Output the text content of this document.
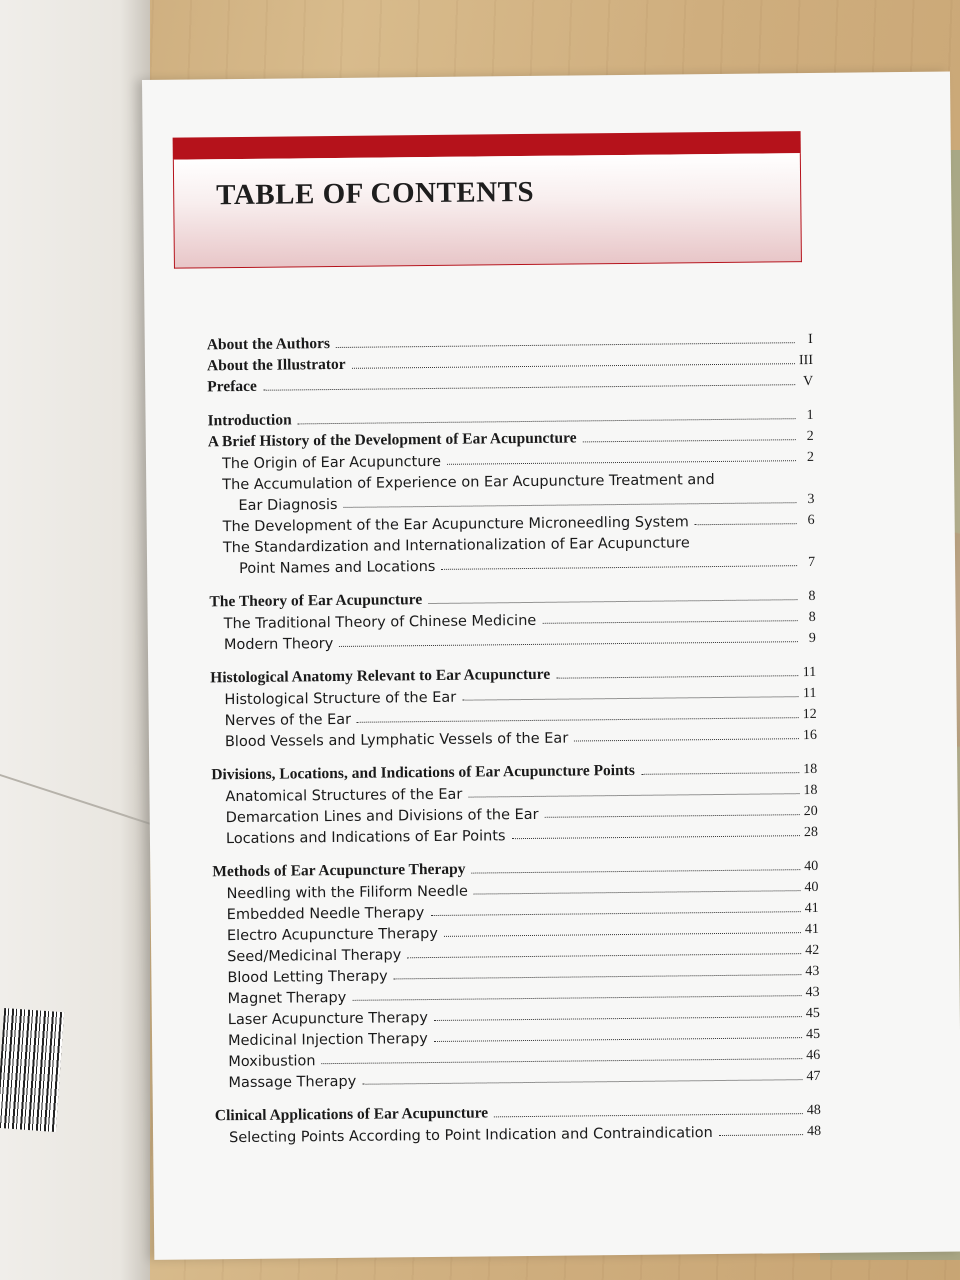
TABLE OF CONTENTS
About the Authors	I
About the Illustrator	III
Preface	V
Introduction	1
A Brief History of the Development of Ear Acupuncture	2
The Origin of Ear Acupuncture	2
The Accumulation of Experience on Ear Acupuncture Treatment and
Ear Diagnosis	3
The Development of the Ear Acupuncture Microneedling System	6
The Standardization and Internationalization of Ear Acupuncture
Point Names and Locations	7
The Theory of Ear Acupuncture	8
The Traditional Theory of Chinese Medicine	8
Modern Theory	9
Histological Anatomy Relevant to Ear Acupuncture	11
Histological Structure of the Ear	11
Nerves of the Ear	12
Blood Vessels and Lymphatic Vessels of the Ear	16
Divisions, Locations, and Indications of Ear Acupuncture Points	18
Anatomical Structures of the Ear	18
Demarcation Lines and Divisions of the Ear	20
Locations and Indications of Ear Points	28
Methods of Ear Acupuncture Therapy	40
Needling with the Filiform Needle	40
Embedded Needle Therapy	41
Electro Acupuncture Therapy	41
Seed/Medicinal Therapy	42
Blood Letting Therapy	43
Magnet Therapy	43
Laser Acupuncture Therapy	45
Medicinal Injection Therapy	45
Moxibustion	46
Massage Therapy	47
Clinical Applications of Ear Acupuncture	48
Selecting Points According to Point Indication and Contraindication	48
